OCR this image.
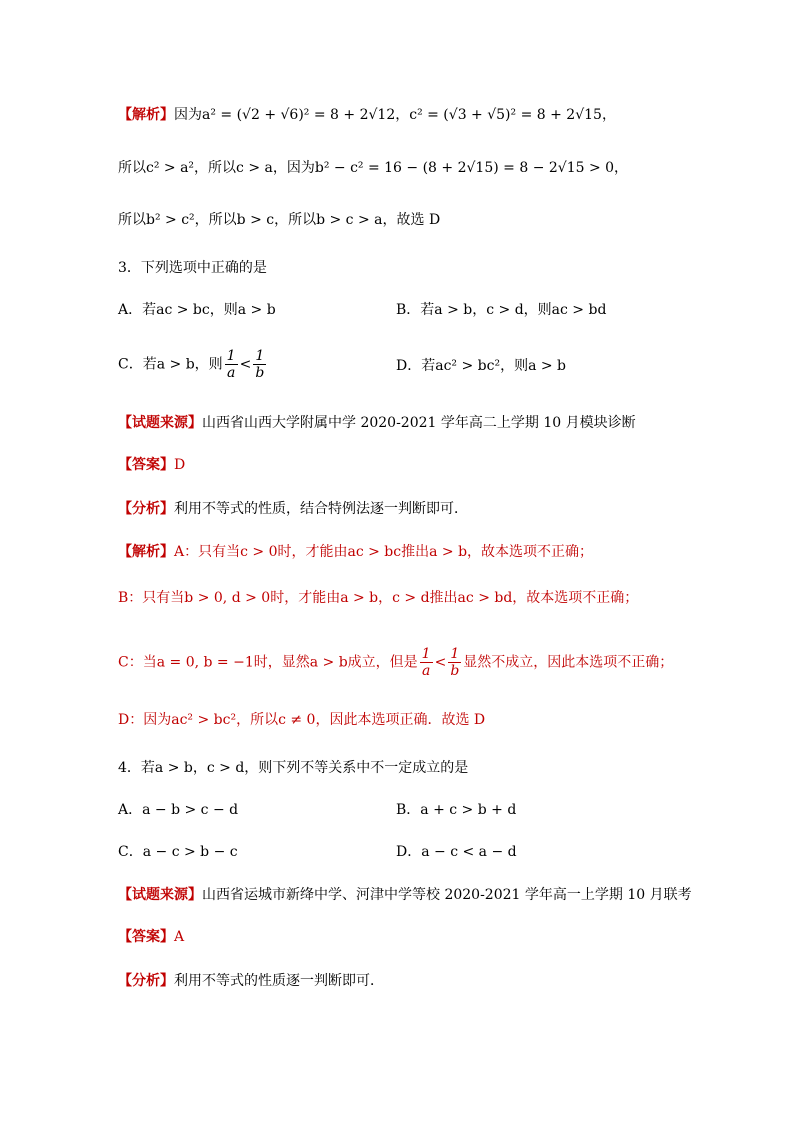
【解析】因为a² = (√2 + √6)² = 8 + 2√12，c² = (√3 + √5)² = 8 + 2√15，
所以c² > a²，所以c > a，因为b² − c² = 16 − (8 + 2√15) = 8 − 2√15 > 0，
所以b² > c²，所以b > c，所以b > c > a，故选 D
3．下列选项中正确的是
A．若ac > bc，则a > b	B．若a > b，c > d，则ac > bd
C．若a > b，则 $\frac{1}{a} < \frac{1}{b}$	D．若ac² > bc²，则a > b
【试题来源】山西省山西大学附属中学 2020-2021 学年高二上学期 10 月模块诊断
【答案】D
【分析】利用不等式的性质，结合特例法逐一判断即可．
【解析】A：只有当c > 0时，才能由ac > bc推出a > b，故本选项不正确；
B：只有当b > 0, d > 0时，才能由a > b，c > d推出ac > bd，故本选项不正确；
C：当a = 0, b = −1时，显然a > b成立，但是 $\frac{1}{a} < \frac{1}{b}$ 显然不成立，因此本选项不正确；
D：因为ac² > bc²，所以c ≠ 0，因此本选项正确．故选 D
4．若a > b，c > d，则下列不等关系中不一定成立的是
A．a − b > c − d	B．a + c > b + d
C．a − c > b − c	D．a − c < a − d
【试题来源】山西省运城市新绛中学、河津中学等校 2020-2021 学年高一上学期 10 月联考
【答案】A
【分析】利用不等式的性质逐一判断即可．
